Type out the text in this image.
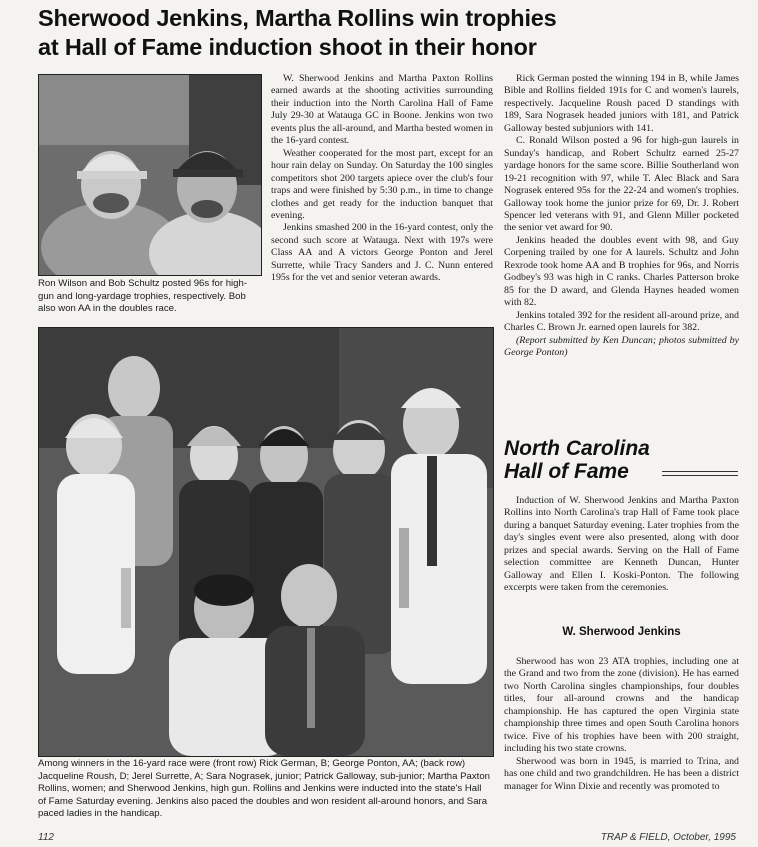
Sherwood Jenkins, Martha Rollins win trophies
at Hall of Fame induction shoot in their honor
Ron Wilson and Bob Schultz posted 96s for high-gun and long-yardage trophies, respectively. Bob also won AA in the doubles race.

W. Sherwood Jenkins and Martha Paxton Rollins earned awards at the shooting activities surrounding their induction into the North Carolina Hall of Fame July 29-30 at Watauga GC in Boone. Jenkins won two events plus the all-around, and Martha bested women in the 16-yard contest.

Weather cooperated for the most part, except for an hour rain delay on Sunday. On Saturday the 100 singles competitors shot 200 targets apiece over the club's four traps and were finished by 5:30 p.m., in time to change clothes and get ready for the induction banquet that evening.

Jenkins smashed 200 in the 16-yard contest, only the second such score at Watauga. Next with 197s were Class AA and A victors George Ponton and Jerel Surrette, while Tracy Sanders and J. C. Nunn entered 195s for the vet and senior veteran awards.

Among winners in the 16-yard race were (front row) Rick German, B; George Ponton, AA; (back row) Jacqueline Roush, D; Jerel Surrette, A; Sara Nograsek, junior; Patrick Galloway, sub-junior; Martha Paxton Rollins, women; and Sherwood Jenkins, high gun. Rollins and Jenkins were inducted into the state's Hall of Fame Saturday evening. Jenkins also paced the doubles and won resident all-around honors, and Sara paced ladies in the handicap.

Rick German posted the winning 194 in B, while James Bible and Rollins fielded 191s for C and women's laurels, respectively. Jacqueline Roush paced D standings with 189, Sara Nograsek headed juniors with 181, and Patrick Galloway bested subjuniors with 141.

C. Ronald Wilson posted a 96 for high-gun laurels in Sunday's handicap, and Robert Schultz earned 25-27 yardage honors for the same score. Billie Southerland won 19-21 recognition with 97, while T. Alec Black and Sara Nograsek entered 95s for the 22-24 and women's trophies. Galloway took home the junior prize for 69, Dr. J. Robert Spencer led veterans with 91, and Glenn Miller pocketed the senior vet award for 90.

Jenkins headed the doubles event with 98, and Guy Corpening trailed by one for A laurels. Schultz and John Rexrode took home AA and B trophies for 96s, and Norris Godbey's 93 was high in C ranks. Charles Patterson broke 85 for the D award, and Glenda Haynes headed women with 82.

Jenkins totaled 392 for the resident all-around prize, and Charles C. Brown Jr. earned open laurels for 382.

(Report submitted by Ken Duncan; photos submitted by George Ponton)

North Carolina
Hall of Fame

Induction of W. Sherwood Jenkins and Martha Paxton Rollins into North Carolina's trap Hall of Fame took place during a banquet Saturday evening. Later trophies from the day's singles event were also presented, along with door prizes and special awards. Serving on the Hall of Fame selection committee are Kenneth Duncan, Hunter Galloway and Ellen I. Koski-Ponton. The following excerpts were taken from the ceremonies.

W. Sherwood Jenkins

Sherwood has won 23 ATA trophies, including one at the Grand and two from the zone (division). He has earned two North Carolina singles championships, four doubles titles, four all-around crowns and the handicap championship. He has captured the open Virginia state championship three times and open South Carolina honors twice. Five of his trophies have been with 200 straight, including his two state crowns.

Sherwood was born in 1945, is married to Trina, and has one child and two grandchildren. He has been a district manager for Winn Dixie and recently was promoted to

112	TRAP & FIELD, October, 1995
